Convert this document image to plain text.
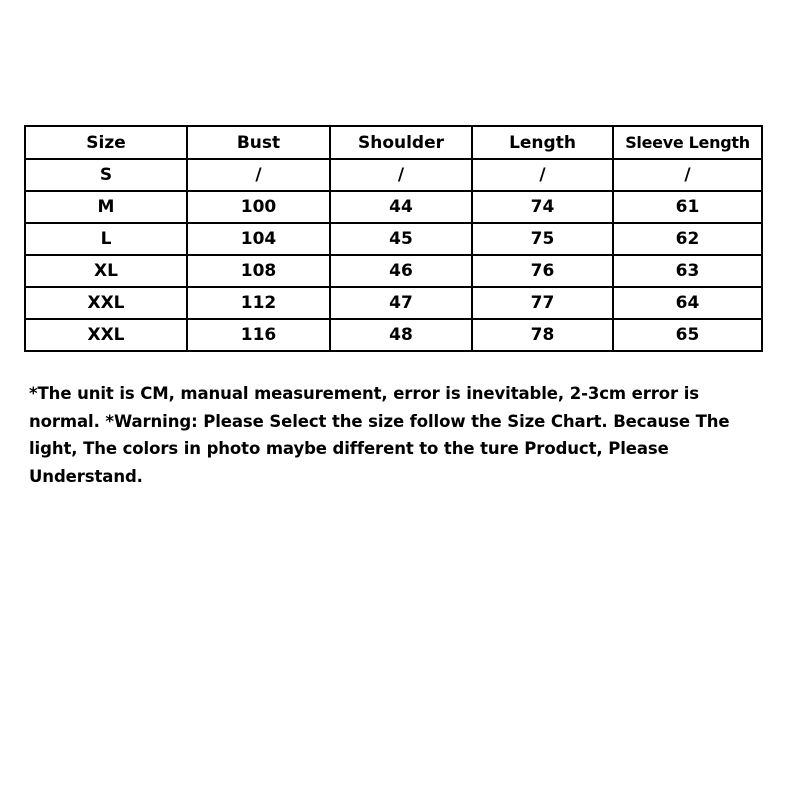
Size	Bust	Shoulder	Length	Sleeve Length
S	/	/	/	/
M	100	44	74	61
L	104	45	75	62
XL	108	46	76	63
XXL	112	47	77	64
XXL	116	48	78	65

*The unit is CM, manual measurement, error is inevitable, 2-3cm error is normal. *Warning: Please Select the size follow the Size Chart. Because The light, The colors in photo maybe different to the ture Product, Please Understand.
